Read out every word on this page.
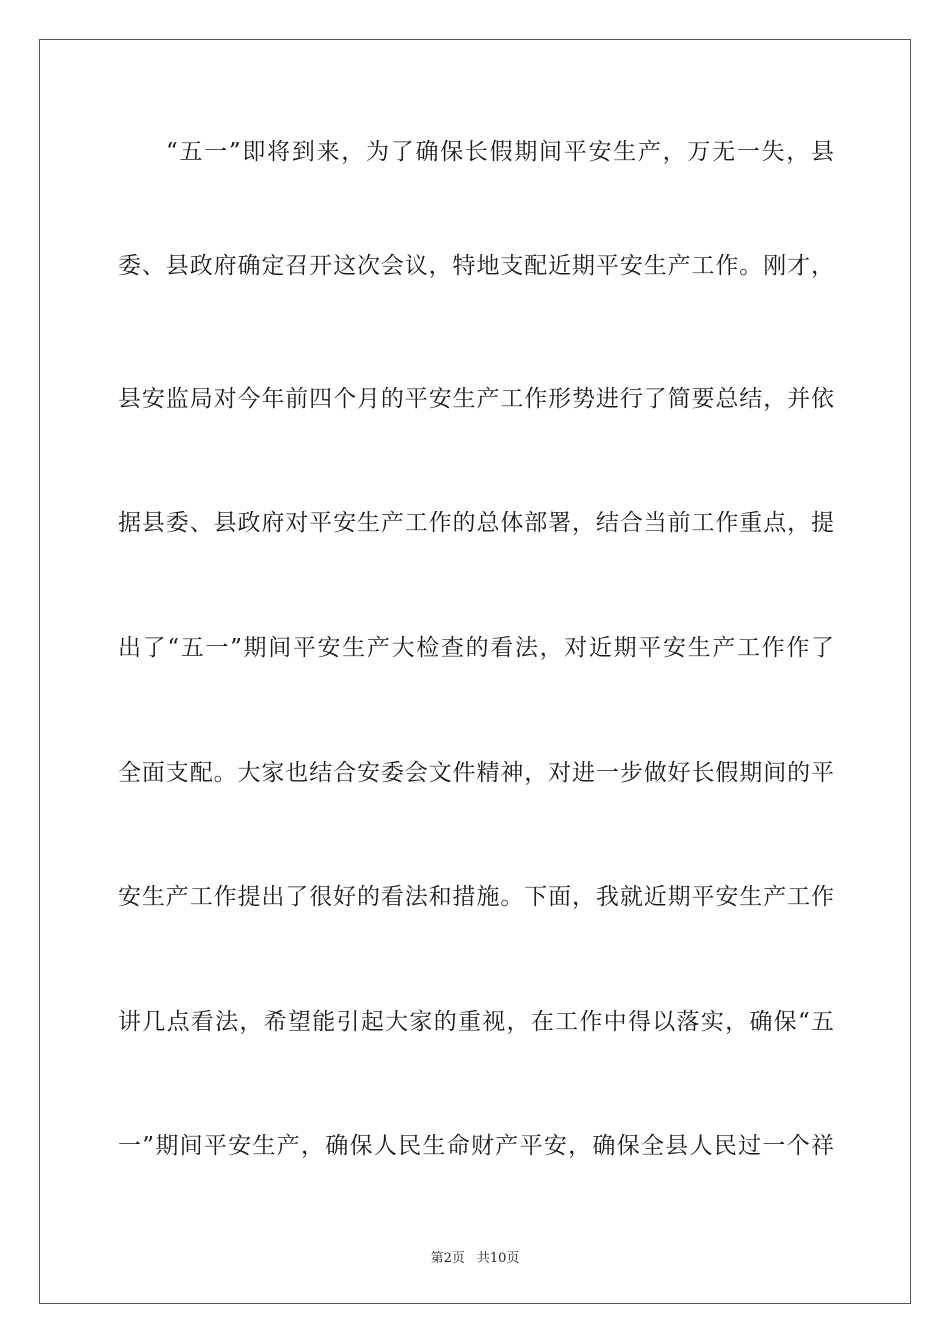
“五一”即将到来，为了确保长假期间平安生产，万无一失，县
委、县政府确定召开这次会议，特地支配近期平安生产工作。刚才，
县安监局对今年前四个月的平安生产工作形势进行了简要总结，并依
据县委、县政府对平安生产工作的总体部署，结合当前工作重点，提
出了“五一”期间平安生产大检查的看法，对近期平安生产工作作了
全面支配。大家也结合安委会文件精神，对进一步做好长假期间的平
安生产工作提出了很好的看法和措施。下面，我就近期平安生产工作
讲几点看法，希望能引起大家的重视，在工作中得以落实，确保“五
一”期间平安生产，确保人民生命财产平安，确保全县人民过一个祥
第2页 共10页
